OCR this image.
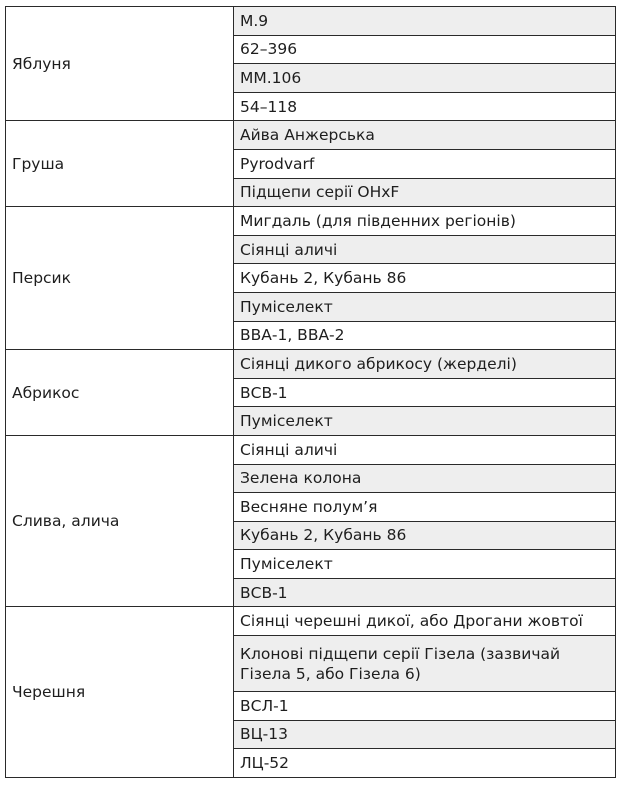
Яблуня	M.9
	62–396
	MM.106
	54–118
Груша	Айва Анжерська
	Pyrodvarf
	Підщепи серії OHxF
Персик	Мигдаль (для південних регіонів)
	Сіянці аличі
	Кубань 2, Кубань 86
	Пуміселект
	ВВА-1, ВВА-2
Абрикос	Сіянці дикого абрикосу (жерделі)
	ВСВ-1
	Пуміселект
Слива, алича	Сіянці аличі
	Зелена колона
	Весняне полум’я
	Кубань 2, Кубань 86
	Пуміселект
	ВСВ-1
Черешня	Сіянці черешні дикої, або Дрогани жовтої
	Клонові підщепи серії Гізела (зазвичай Гізела 5, або Гізела 6)
	ВСЛ-1
	ВЦ-13
	ЛЦ-52
